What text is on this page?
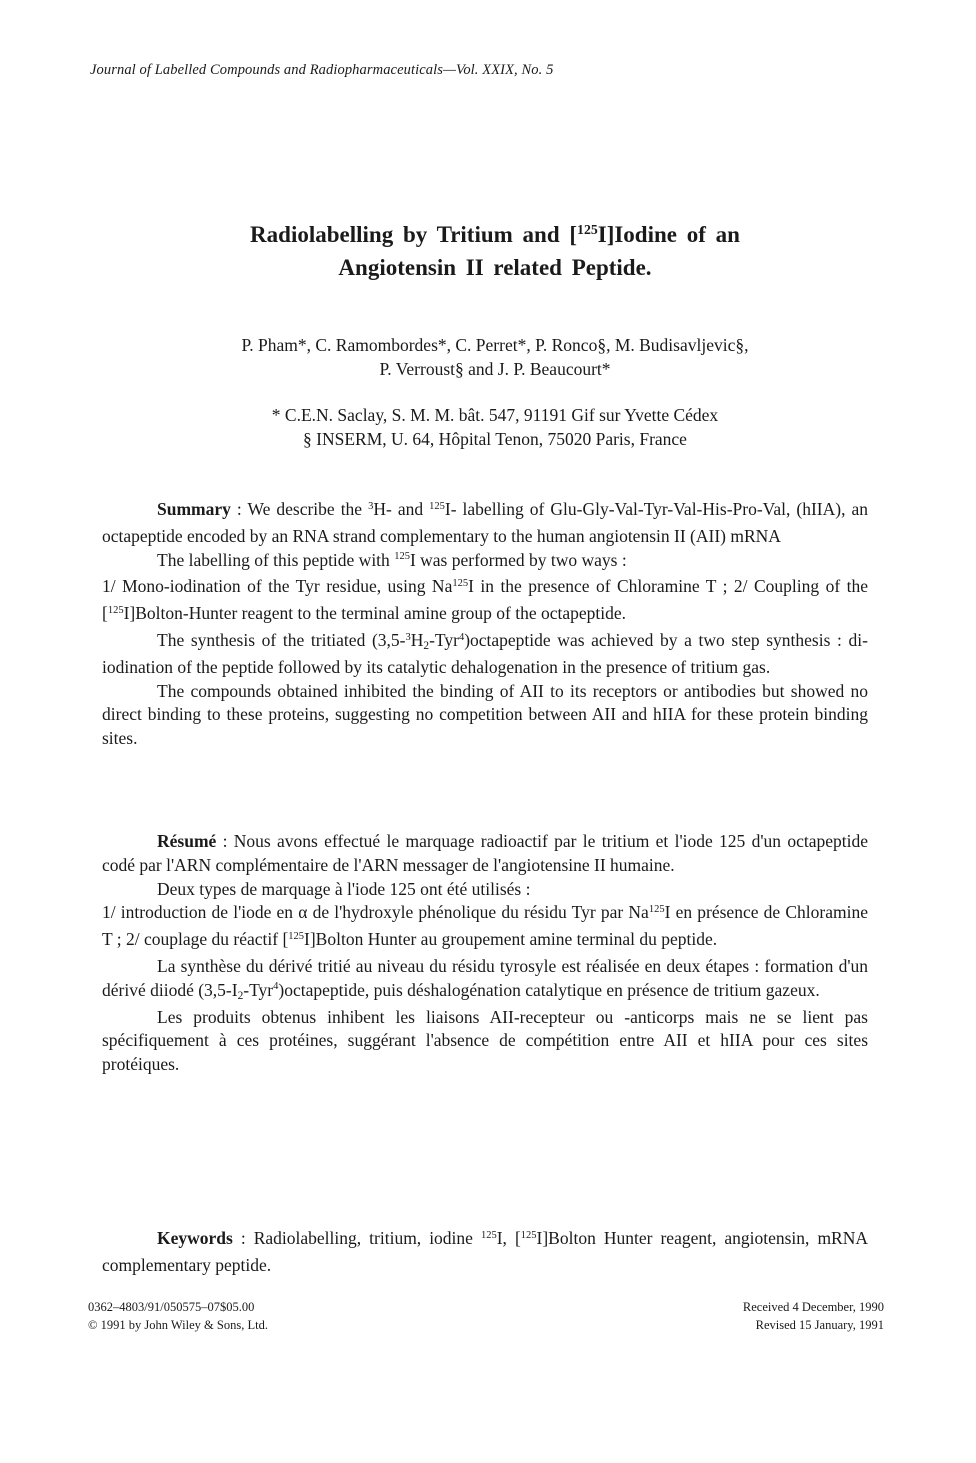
Journal of Labelled Compounds and Radiopharmaceuticals—Vol. XXIX, No. 5
Radiolabelling by Tritium and [$^{125}$I]Iodine of an
Angiotensin II related Peptide.
P. Pham*, C. Ramombordes*, C. Perret*, P. Ronco§, M. Budisavljevic§,
P. Verroust§ and J. P. Beaucourt*
* C.E.N. Saclay, S. M. M. bât. 547, 91191 Gif sur Yvette Cédex
§ INSERM, U. 64, Hôpital Tenon, 75020 Paris, France

Summary : We describe the $^3$H- and $^{125}$I- labelling of Glu-Gly-Val-Tyr-Val-His-Pro-Val, (hIIA), an octapeptide encoded by an RNA strand complementary to the human angiotensin II (AII) mRNA

The labelling of this peptide with $^{125}$I was performed by two ways :

1/ Mono-iodination of the Tyr residue, using Na$^{125}$I in the presence of Chloramine T ; 2/ Coupling of the [$^{125}$I]Bolton-Hunter reagent to the terminal amine group of the octapeptide.

The synthesis of the tritiated $(3,5-^3H_2-Tyr^4)octapeptide$ was achieved by a two step synthesis : di-iodination of the peptide followed by its catalytic dehalogenation in the presence of tritium gas.

The compounds obtained inhibited the binding of AII to its receptors or antibodies but showed no direct binding to these proteins, suggesting no competition between AII and hIIA for these protein binding sites.

Résumé : Nous avons effectué le marquage radioactif par le tritium et l'iode 125 d'un octapeptide codé par l'ARN complémentaire de l'ARN messager de l'angiotensine II humaine.

Deux types de marquage à l'iode 125 ont été utilisés :

1/ introduction de l'iode en α de l'hydroxyle phénolique du résidu Tyr par Na$^{125}$I en présence de Chloramine T ; 2/ couplage du réactif [$^{125}$I]Bolton Hunter au groupement amine terminal du peptide.

La synthèse du dérivé tritié au niveau du résidu tyrosyle est réalisée en deux étapes : formation d'un dérivé diiodé $(3,5-I_2-Tyr^4)octapeptide$, puis déshalogénation catalytique en présence de tritium gazeux.

Les produits obtenus inhibent les liaisons AII-recepteur ou -anticorps mais ne se lient pas spécifiquement à ces protéines, suggérant l'absence de compétition entre AII et hIIA pour ces sites protéiques.

Keywords : Radiolabelling, tritium, iodine $^{125}$I, [$^{125}$I]Bolton Hunter reagent, angiotensin, mRNA complementary peptide.

0362–4803/91/050575–07$05.00
© 1991 by John Wiley & Sons, Ltd.
Received 4 December, 1990
Revised 15 January, 1991
